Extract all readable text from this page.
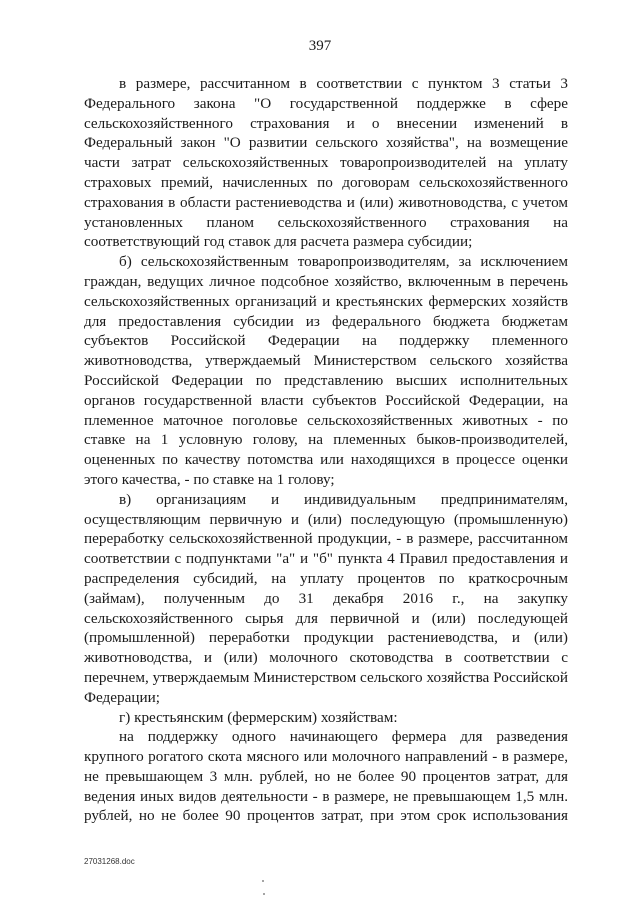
397
в размере, рассчитанном в соответствии с пунктом 3 статьи 3
Федерального закона "О государственной поддержке в сфере
сельскохозяйственного страхования и о внесении изменений в
Федеральный закон "О развитии сельского хозяйства", на возмещение
части затрат сельскохозяйственных товаропроизводителей на уплату
страховых премий, начисленных по договорам сельскохозяйственного
страхования в области растениеводства и (или) животноводства, с учетом
установленных планом сельскохозяйственного страхования на
соответствующий год ставок для расчета размера субсидии;
б) сельскохозяйственным товаропроизводителям, за исключением
граждан, ведущих личное подсобное хозяйство, включенным в перечень
сельскохозяйственных организаций и крестьянских фермерских хозяйств
для предоставления субсидии из федерального бюджета бюджетам
субъектов Российской Федерации на поддержку племенного
животноводства, утверждаемый Министерством сельского хозяйства
Российской Федерации по представлению высших исполнительных
органов государственной власти субъектов Российской Федерации, на
племенное маточное поголовье сельскохозяйственных животных - по
ставке на 1 условную голову, на племенных быков-производителей,
оцененных по качеству потомства или находящихся в процессе оценки
этого качества, - по ставке на 1 голову;
в) организациям и индивидуальным предпринимателям,
осуществляющим первичную и (или) последующую (промышленную)
переработку сельскохозяйственной продукции, - в размере, рассчитанном
соответствии с подпунктами "а" и "б" пункта 4 Правил предоставления и
распределения субсидий, на уплату процентов по краткосрочным
(займам), полученным до 31 декабря 2016 г., на закупку
сельскохозяйственного сырья для первичной и (или) последующей
(промышленной) переработки продукции растениеводства, и (или)
животноводства, и (или) молочного скотоводства в соответствии с
перечнем, утверждаемым Министерством сельского хозяйства Российской
Федерации;
г) крестьянским (фермерским) хозяйствам:
на поддержку одного начинающего фермера для разведения
крупного рогатого скота мясного или молочного направлений - в размере,
не превышающем 3 млн. рублей, но не более 90 процентов затрат, для
ведения иных видов деятельности - в размере, не превышающем 1,5 млн.
рублей, но не более 90 процентов затрат, при этом срок использования
27031268.doc
